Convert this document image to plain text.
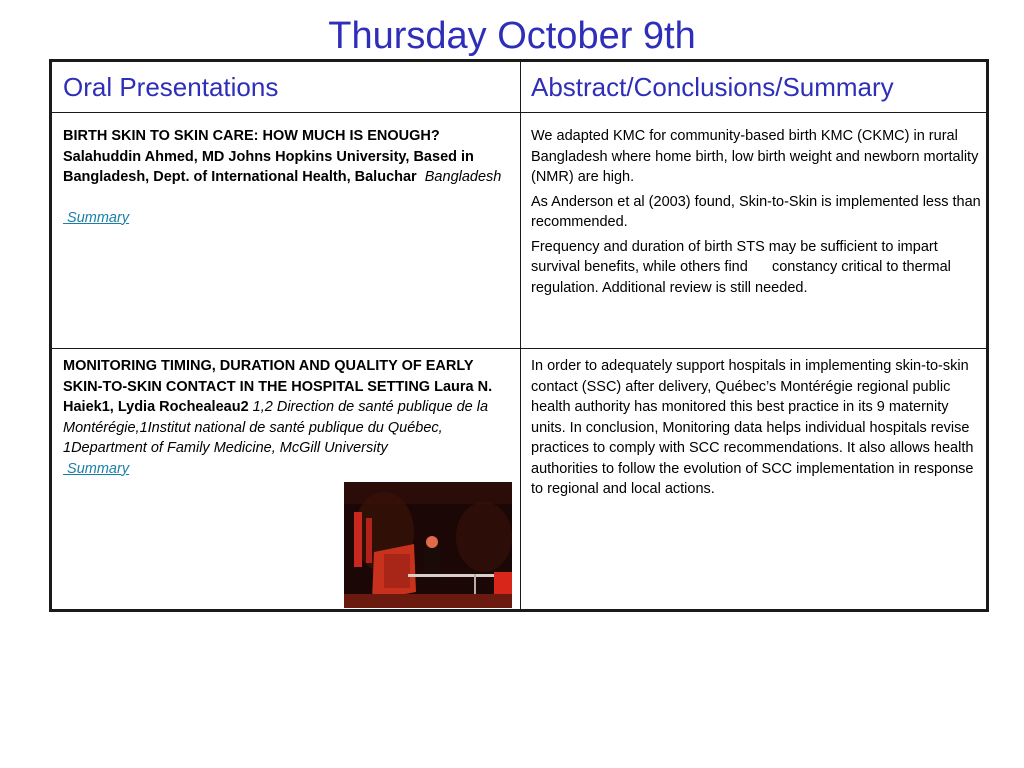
Thursday October 9th
Oral Presentations	Abstract/Conclusions/Summary
BIRTH SKIN TO SKIN CARE: HOW MUCH IS ENOUGH? Salahuddin Ahmed, MD Johns Hopkins University, Based in Bangladesh, Dept. of International Health, Baluchar Bangladesh
Summary

We adapted KMC for community-based birth KMC (CKMC) in rural Bangladesh where home birth, low birth weight and newborn mortality (NMR) are high.

As Anderson et al (2003) found, Skin-to-Skin is implemented less than recommended.

Frequency and duration of birth STS may be sufficient to impart survival benefits, while others find      constancy critical to thermal regulation. Additional review is still needed.

MONITORING TIMING, DURATION AND QUALITY OF EARLY SKIN-TO-SKIN CONTACT IN THE HOSPITAL SETTING Laura N. Haiek1, Lydia Rochealeau2 1,2 Direction de santé publique de la Montérégie,1Institut national de santé publique du Québec, 1Department of Family Medicine, McGill University
Summary

In order to adequately support hospitals in implementing skin-to-skin contact (SSC) after delivery, Québec’s Montérégie regional public health authority has monitored this best practice in its 9 maternity units. In conclusion, Monitoring data helps individual hospitals revise practices to comply with SCC recommendations. It also allows health authorities to follow the evolution of SCC implementation in response to regional and local actions.
